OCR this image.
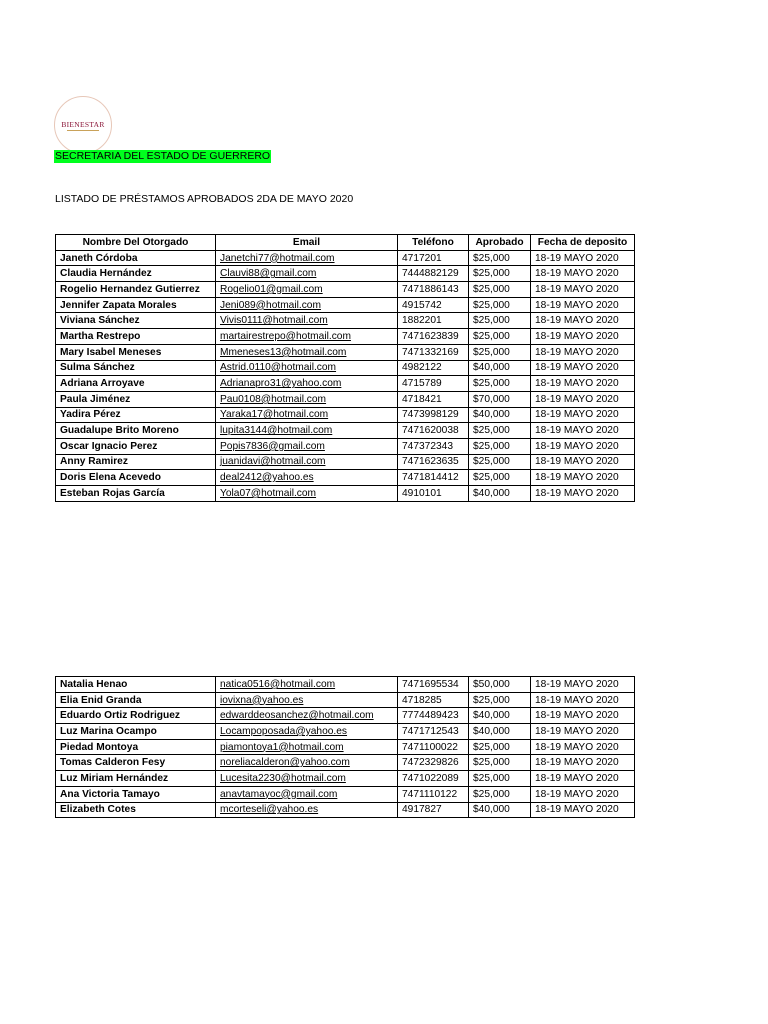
BIENESTAR
SECRETARIA DEL ESTADO DE GUERRERO
LISTADO DE PRÉSTAMOS APROBADOS 2DA DE MAYO 2020
Nombre Del Otorgado	Email	Teléfono	Aprobado	Fecha de deposito
Janeth Córdoba	Janetchi77@hotmail.com	4717201	$25,000	18-19 MAYO 2020
Claudia Hernández	Clauvi88@gmail.com	7444882129	$25,000	18-19 MAYO 2020
Rogelio Hernandez Gutierrez	Rogelio01@gmail.com	7471886143	$25,000	18-19 MAYO 2020
Jennifer Zapata Morales	Jeni089@hotmail.com	4915742	$25,000	18-19 MAYO 2020
Viviana Sánchez	Vivis0111@hotmail.com	1882201	$25,000	18-19 MAYO 2020
Martha Restrepo	martairestrepo@hotmail.com	7471623839	$25,000	18-19 MAYO 2020
Mary Isabel Meneses	Mmeneses13@hotmail.com	7471332169	$25,000	18-19 MAYO 2020
Sulma Sánchez	Astrid.0110@hotmail.com	4982122	$40,000	18-19 MAYO 2020
Adriana Arroyave	Adrianapro31@yahoo.com	4715789	$25,000	18-19 MAYO 2020
Paula Jiménez	Pau0108@hotmail.com	4718421	$70,000	18-19 MAYO 2020
Yadira Pérez	Yaraka17@hotmail.com	7473998129	$40,000	18-19 MAYO 2020
Guadalupe Brito Moreno	lupita3144@hotmail.com	7471620038	$25,000	18-19 MAYO 2020
Oscar Ignacio Perez	Popis7836@gmail.com	747372343	$25,000	18-19 MAYO 2020
Anny Ramirez	juanidavi@hotmail.com	7471623635	$25,000	18-19 MAYO 2020
Doris Elena Acevedo	deal2412@yahoo.es	7471814412	$25,000	18-19 MAYO 2020
Esteban Rojas García	Yola07@hotmail.com	4910101	$40,000	18-19 MAYO 2020
Natalia Henao	natica0516@hotmail.com	7471695534	$50,000	18-19 MAYO 2020
Elia Enid Granda	iovixna@yahoo.es	4718285	$25,000	18-19 MAYO 2020
Eduardo Ortiz Rodriguez	edwarddeosanchez@hotmail.com	7774489423	$40,000	18-19 MAYO 2020
Luz Marina Ocampo	Locampoposada@yahoo.es	7471712543	$40,000	18-19 MAYO 2020
Piedad Montoya	piamontoya1@hotmail.com	7471100022	$25,000	18-19 MAYO 2020
Tomas Calderon Fesy	noreliacalderon@yahoo.com	7472329826	$25,000	18-19 MAYO 2020
Luz Miriam Hernández	Lucesita2230@hotmail.com	7471022089	$25,000	18-19 MAYO 2020
Ana Victoria Tamayo	anavtamayoc@gmail.com	7471110122	$25,000	18-19 MAYO 2020
Elizabeth Cotes	mcorteseli@yahoo.es	4917827	$40,000	18-19 MAYO 2020
